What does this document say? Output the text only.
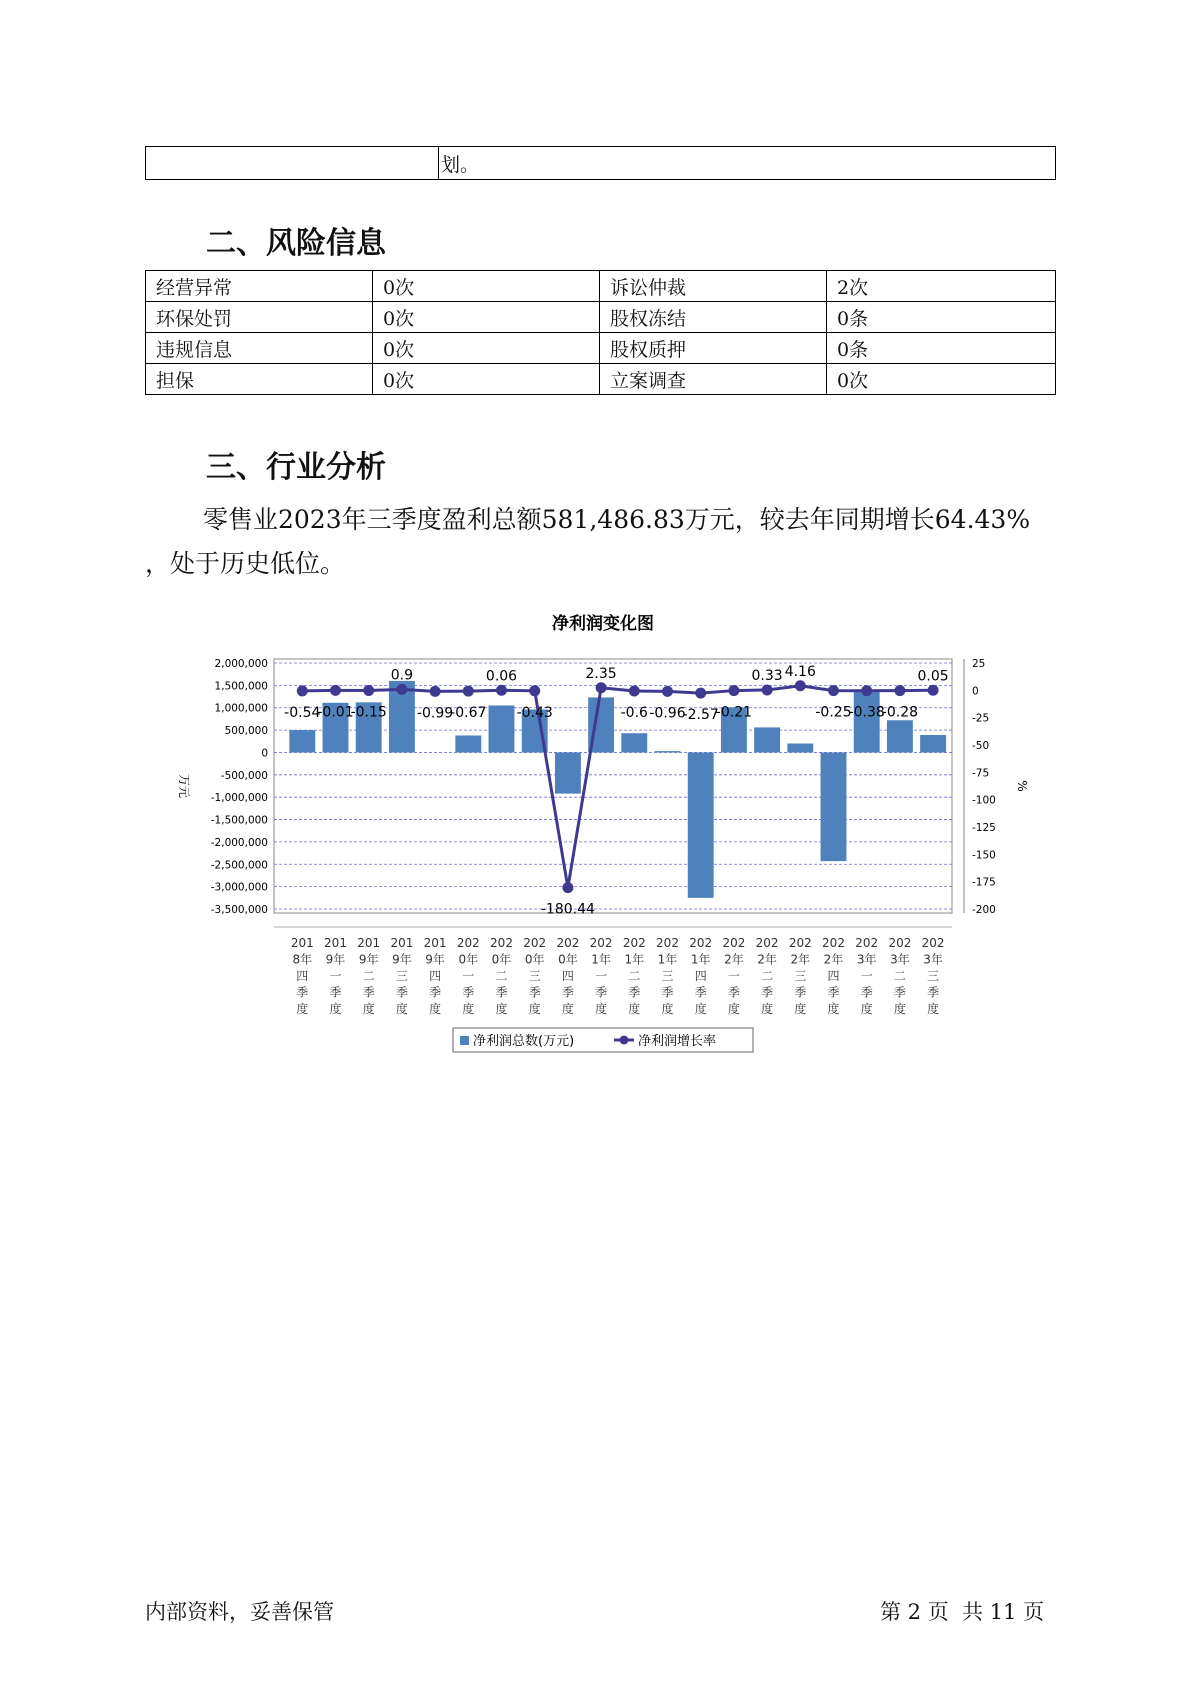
	划。
二、风险信息
经营异常	0次	诉讼仲裁	2次
环保处罚	0次	股权冻结	0条
违规信息	0次	股权质押	0条
担保	0次	立案调查	0次
三、行业分析
零售业2023年三季度盈利总额581,486.83万元，较去年同期增长64.43%
，处于历史低位。
净利润变化图
2,000,000
1,500,000
1,000,000
500,000
0
-500,000
-1,000,000
-1,500,000
-2,000,000
-2,500,000
-3,000,000
-3,500,000
25
0
-25
-50
-75
-100
-125
-150
-175
-200
-0.54
-0.01
-0.15
0.9
-0.99
-0.67
0.06
-0.43
-180.44
2.35
-0.6 -0.96
-2.57
-0.21
0.33 4.16
-0.25
-0.38
-0.28
0.05
201
8年
四
季
度
201
9年
一
季
度
201
9年
二
季
度
201
9年
三
季
度
201
9年
四
季
度
202
0年
一
季
度
202
0年
二
季
度
202
0年
三
季
度
202
0年
四
季
度
202
1年
一
季
度
202
1年
二
季
度
202
1年
三
季
度
202
1年
四
季
度
202
2年
一
季
度
202
2年
二
季
度
202
2年
三
季
度
202
2年
四
季
度
202
3年
一
季
度
202
3年
二
季
度
202
3年
三
季
度
万元	%
净利润总数(万元)	净利润增长率
内部资料，妥善保管	第 2 页  共 11 页
